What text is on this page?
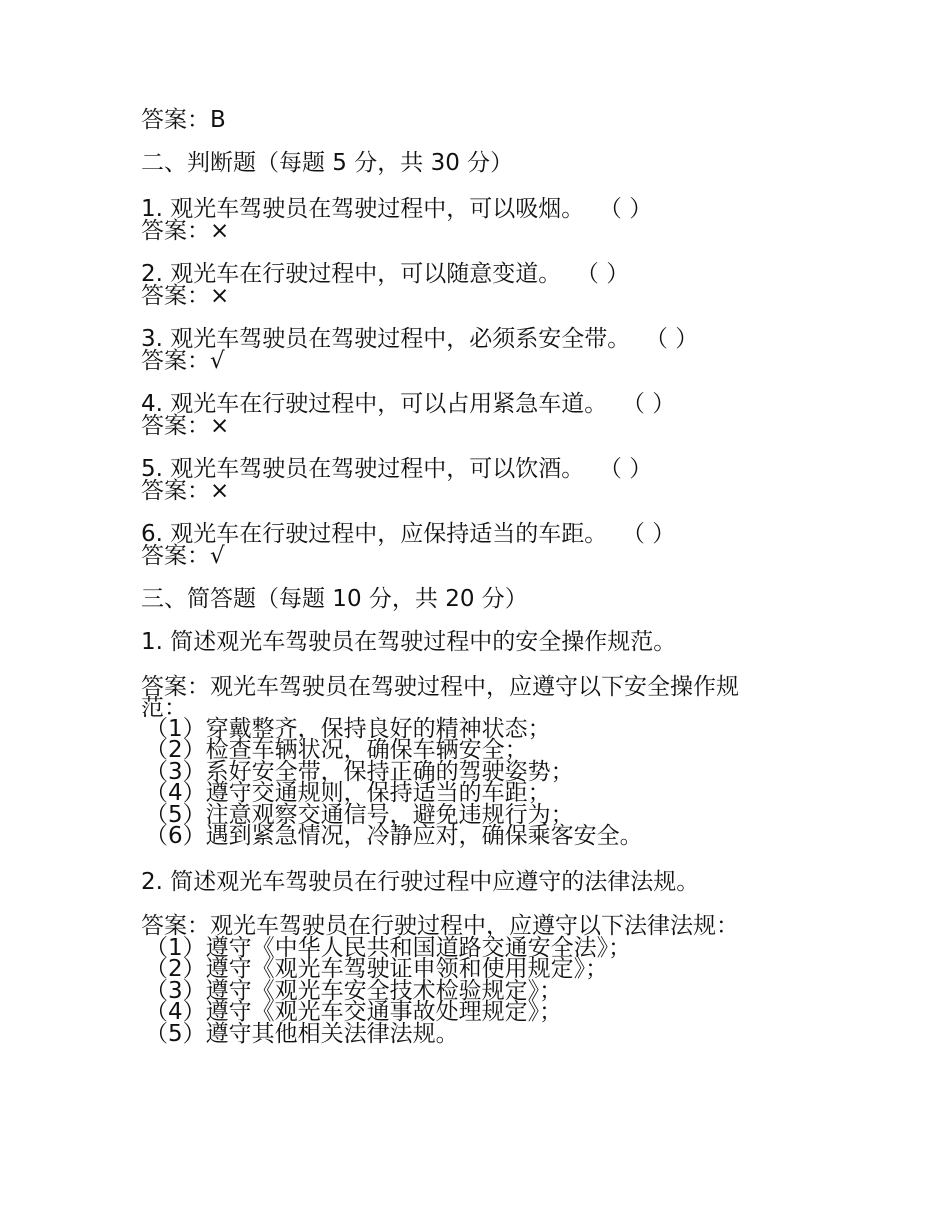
答案：B
二、判断题（每题 5 分，共 30 分）
1. 观光车驾驶员在驾驶过程中，可以吸烟。  （ ）
答案：×
2. 观光车在行驶过程中，可以随意变道。  （ ）
答案：×
3. 观光车驾驶员在驾驶过程中，必须系安全带。  （ ）
答案：√
4. 观光车在行驶过程中，可以占用紧急车道。  （ ）
答案：×
5. 观光车驾驶员在驾驶过程中，可以饮酒。  （ ）
答案：×
6. 观光车在行驶过程中，应保持适当的车距。  （ ）
答案：√
三、简答题（每题 10 分，共 20 分）
1. 简述观光车驾驶员在驾驶过程中的安全操作规范。
答案：观光车驾驶员在驾驶过程中，应遵守以下安全操作规
范：
（1）穿戴整齐，保持良好的精神状态；
（2）检查车辆状况，确保车辆安全；
（3）系好安全带，保持正确的驾驶姿势；
（4）遵守交通规则，保持适当的车距；
（5）注意观察交通信号，避免违规行为；
（6）遇到紧急情况，冷静应对，确保乘客安全。
2. 简述观光车驾驶员在行驶过程中应遵守的法律法规。
答案：观光车驾驶员在行驶过程中，应遵守以下法律法规：
（1）遵守《中华人民共和国道路交通安全法》；
（2）遵守《观光车驾驶证申领和使用规定》；
（3）遵守《观光车安全技术检验规定》；
（4）遵守《观光车交通事故处理规定》；
（5）遵守其他相关法律法规。
